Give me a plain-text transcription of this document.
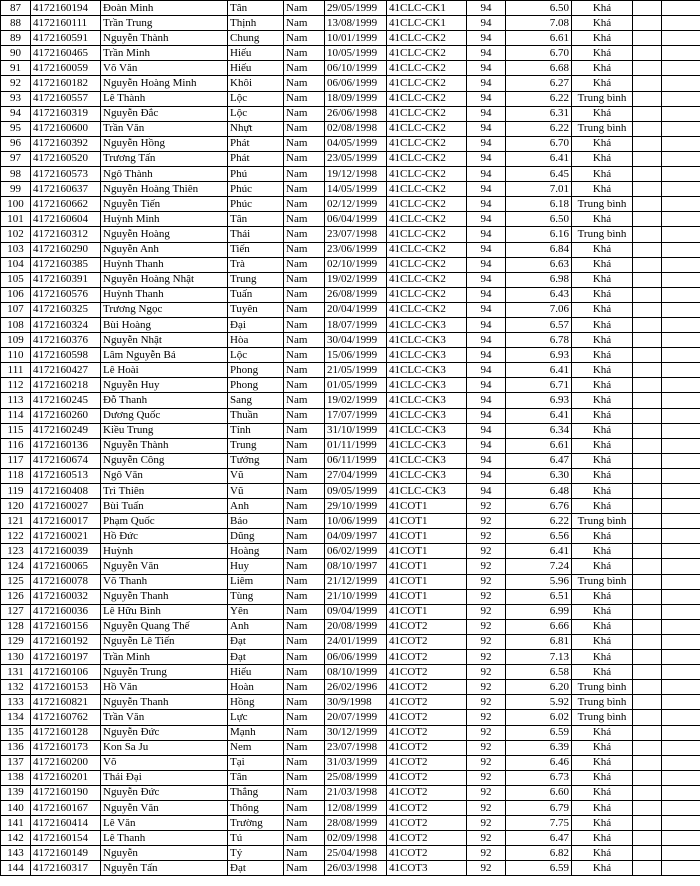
87	4172160194	Đoàn Minh	Tân	Nam	29/05/1999	41CLC-CK1	94	6.50	Khá		
88	4172160111	Trần Trung	Thịnh	Nam	13/08/1999	41CLC-CK1	94	7.08	Khá		
89	4172160591	Nguyễn Thành	Chung	Nam	10/01/1999	41CLC-CK2	94	6.61	Khá		
90	4172160465	Trần Minh	Hiếu	Nam	10/05/1999	41CLC-CK2	94	6.70	Khá		
91	4172160059	Võ Văn	Hiếu	Nam	06/10/1999	41CLC-CK2	94	6.68	Khá		
92	4172160182	Nguyễn Hoàng Minh	Khôi	Nam	06/06/1999	41CLC-CK2	94	6.27	Khá		
93	4172160557	Lê Thành	Lộc	Nam	18/09/1999	41CLC-CK2	94	6.22	Trung bình		
94	4172160319	Nguyễn Đắc	Lộc	Nam	26/06/1998	41CLC-CK2	94	6.31	Khá		
95	4172160600	Trần Văn	Nhựt	Nam	02/08/1998	41CLC-CK2	94	6.22	Trung bình		
96	4172160392	Nguyễn Hồng	Phát	Nam	04/05/1999	41CLC-CK2	94	6.70	Khá		
97	4172160520	Trương Tấn	Phát	Nam	23/05/1999	41CLC-CK2	94	6.41	Khá		
98	4172160573	Ngô Thành	Phú	Nam	19/12/1998	41CLC-CK2	94	6.45	Khá		
99	4172160637	Nguyễn Hoàng Thiên	Phúc	Nam	14/05/1999	41CLC-CK2	94	7.01	Khá		
100	4172160662	Nguyễn Tiến	Phúc	Nam	02/12/1999	41CLC-CK2	94	6.18	Trung bình		
101	4172160604	Huỳnh Minh	Tân	Nam	06/04/1999	41CLC-CK2	94	6.50	Khá		
102	4172160312	Nguyễn Hoàng	Thái	Nam	23/07/1998	41CLC-CK2	94	6.16	Trung bình		
103	4172160290	Nguyễn Anh	Tiến	Nam	23/06/1999	41CLC-CK2	94	6.84	Khá		
104	4172160385	Huỳnh Thanh	Trà	Nam	02/10/1999	41CLC-CK2	94	6.63	Khá		
105	4172160391	Nguyễn Hoàng Nhật	Trung	Nam	19/02/1999	41CLC-CK2	94	6.98	Khá		
106	4172160576	Huỳnh Thanh	Tuấn	Nam	26/08/1999	41CLC-CK2	94	6.43	Khá		
107	4172160325	Trương Ngọc	Tuyên	Nam	20/04/1999	41CLC-CK2	94	7.06	Khá		
108	4172160324	Bùi Hoàng	Đại	Nam	18/07/1999	41CLC-CK3	94	6.57	Khá		
109	4172160376	Nguyễn Nhật	Hòa	Nam	30/04/1999	41CLC-CK3	94	6.78	Khá		
110	4172160598	Lâm Nguyễn Bá	Lộc	Nam	15/06/1999	41CLC-CK3	94	6.93	Khá		
111	4172160427	Lê Hoài	Phong	Nam	21/05/1999	41CLC-CK3	94	6.41	Khá		
112	4172160218	Nguyễn Huy	Phong	Nam	01/05/1999	41CLC-CK3	94	6.71	Khá		
113	4172160245	Đỗ Thanh	Sang	Nam	19/02/1999	41CLC-CK3	94	6.93	Khá		
114	4172160260	Dương Quốc	Thuần	Nam	17/07/1999	41CLC-CK3	94	6.41	Khá		
115	4172160249	Kiều Trung	Tính	Nam	31/10/1999	41CLC-CK3	94	6.34	Khá		
116	4172160136	Nguyễn Thành	Trung	Nam	01/11/1999	41CLC-CK3	94	6.61	Khá		
117	4172160674	Nguyễn Công	Tướng	Nam	06/11/1999	41CLC-CK3	94	6.47	Khá		
118	4172160513	Ngô Văn	Vũ	Nam	27/04/1999	41CLC-CK3	94	6.30	Khá		
119	4172160408	Trì Thiên	Vũ	Nam	09/05/1999	41CLC-CK3	94	6.48	Khá		
120	4172160027	Bùi Tuấn	Anh	Nam	29/10/1999	41COT1	92	6.76	Khá		
121	4172160017	Phạm Quốc	Bảo	Nam	10/06/1999	41COT1	92	6.22	Trung bình		
122	4172160021	Hồ Đức	Dũng	Nam	04/09/1997	41COT1	92	6.56	Khá		
123	4172160039	Huỳnh	Hoàng	Nam	06/02/1999	41COT1	92	6.41	Khá		
124	4172160065	Nguyễn Văn	Huy	Nam	08/10/1997	41COT1	92	7.24	Khá		
125	4172160078	Võ Thanh	Liêm	Nam	21/12/1999	41COT1	92	5.96	Trung bình		
126	4172160032	Nguyễn Thanh	Tùng	Nam	21/10/1999	41COT1	92	6.51	Khá		
127	4172160036	Lê Hữu Bình	Yên	Nam	09/04/1999	41COT1	92	6.99	Khá		
128	4172160156	Nguyễn Quang Thế	Anh	Nam	20/08/1999	41COT2	92	6.66	Khá		
129	4172160192	Nguyễn Lê Tiến	Đạt	Nam	24/01/1999	41COT2	92	6.81	Khá		
130	4172160197	Trần Minh	Đạt	Nam	06/06/1999	41COT2	92	7.13	Khá		
131	4172160106	Nguyễn Trung	Hiếu	Nam	08/10/1999	41COT2	92	6.58	Khá		
132	4172160153	Hồ Văn	Hoàn	Nam	26/02/1996	41COT2	92	6.20	Trung bình		
133	4172160821	Nguyễn Thanh	Hồng	Nam	30/9/1998	41COT2	92	5.92	Trung bình		
134	4172160762	Trần Văn	Lực	Nam	20/07/1999	41COT2	92	6.02	Trung bình		
135	4172160128	Nguyễn Đức	Mạnh	Nam	30/12/1999	41COT2	92	6.59	Khá		
136	4172160173	Kon Sa Ju	Nem	Nam	23/07/1998	41COT2	92	6.39	Khá		
137	4172160200	Võ	Tại	Nam	31/03/1999	41COT2	92	6.46	Khá		
138	4172160201	Thái Đại	Tân	Nam	25/08/1999	41COT2	92	6.73	Khá		
139	4172160190	Nguyễn Đức	Thắng	Nam	21/03/1998	41COT2	92	6.60	Khá		
140	4172160167	Nguyễn Văn	Thông	Nam	12/08/1999	41COT2	92	6.79	Khá		
141	4172160414	Lê Văn	Trường	Nam	28/08/1999	41COT2	92	7.75	Khá		
142	4172160154	Lê Thanh	Tú	Nam	02/09/1998	41COT2	92	6.47	Khá		
143	4172160149	Nguyễn	Tý	Nam	25/04/1998	41COT2	92	6.82	Khá		
144	4172160317	Nguyễn Tấn	Đạt	Nam	26/03/1998	41COT3	92	6.59	Khá		
